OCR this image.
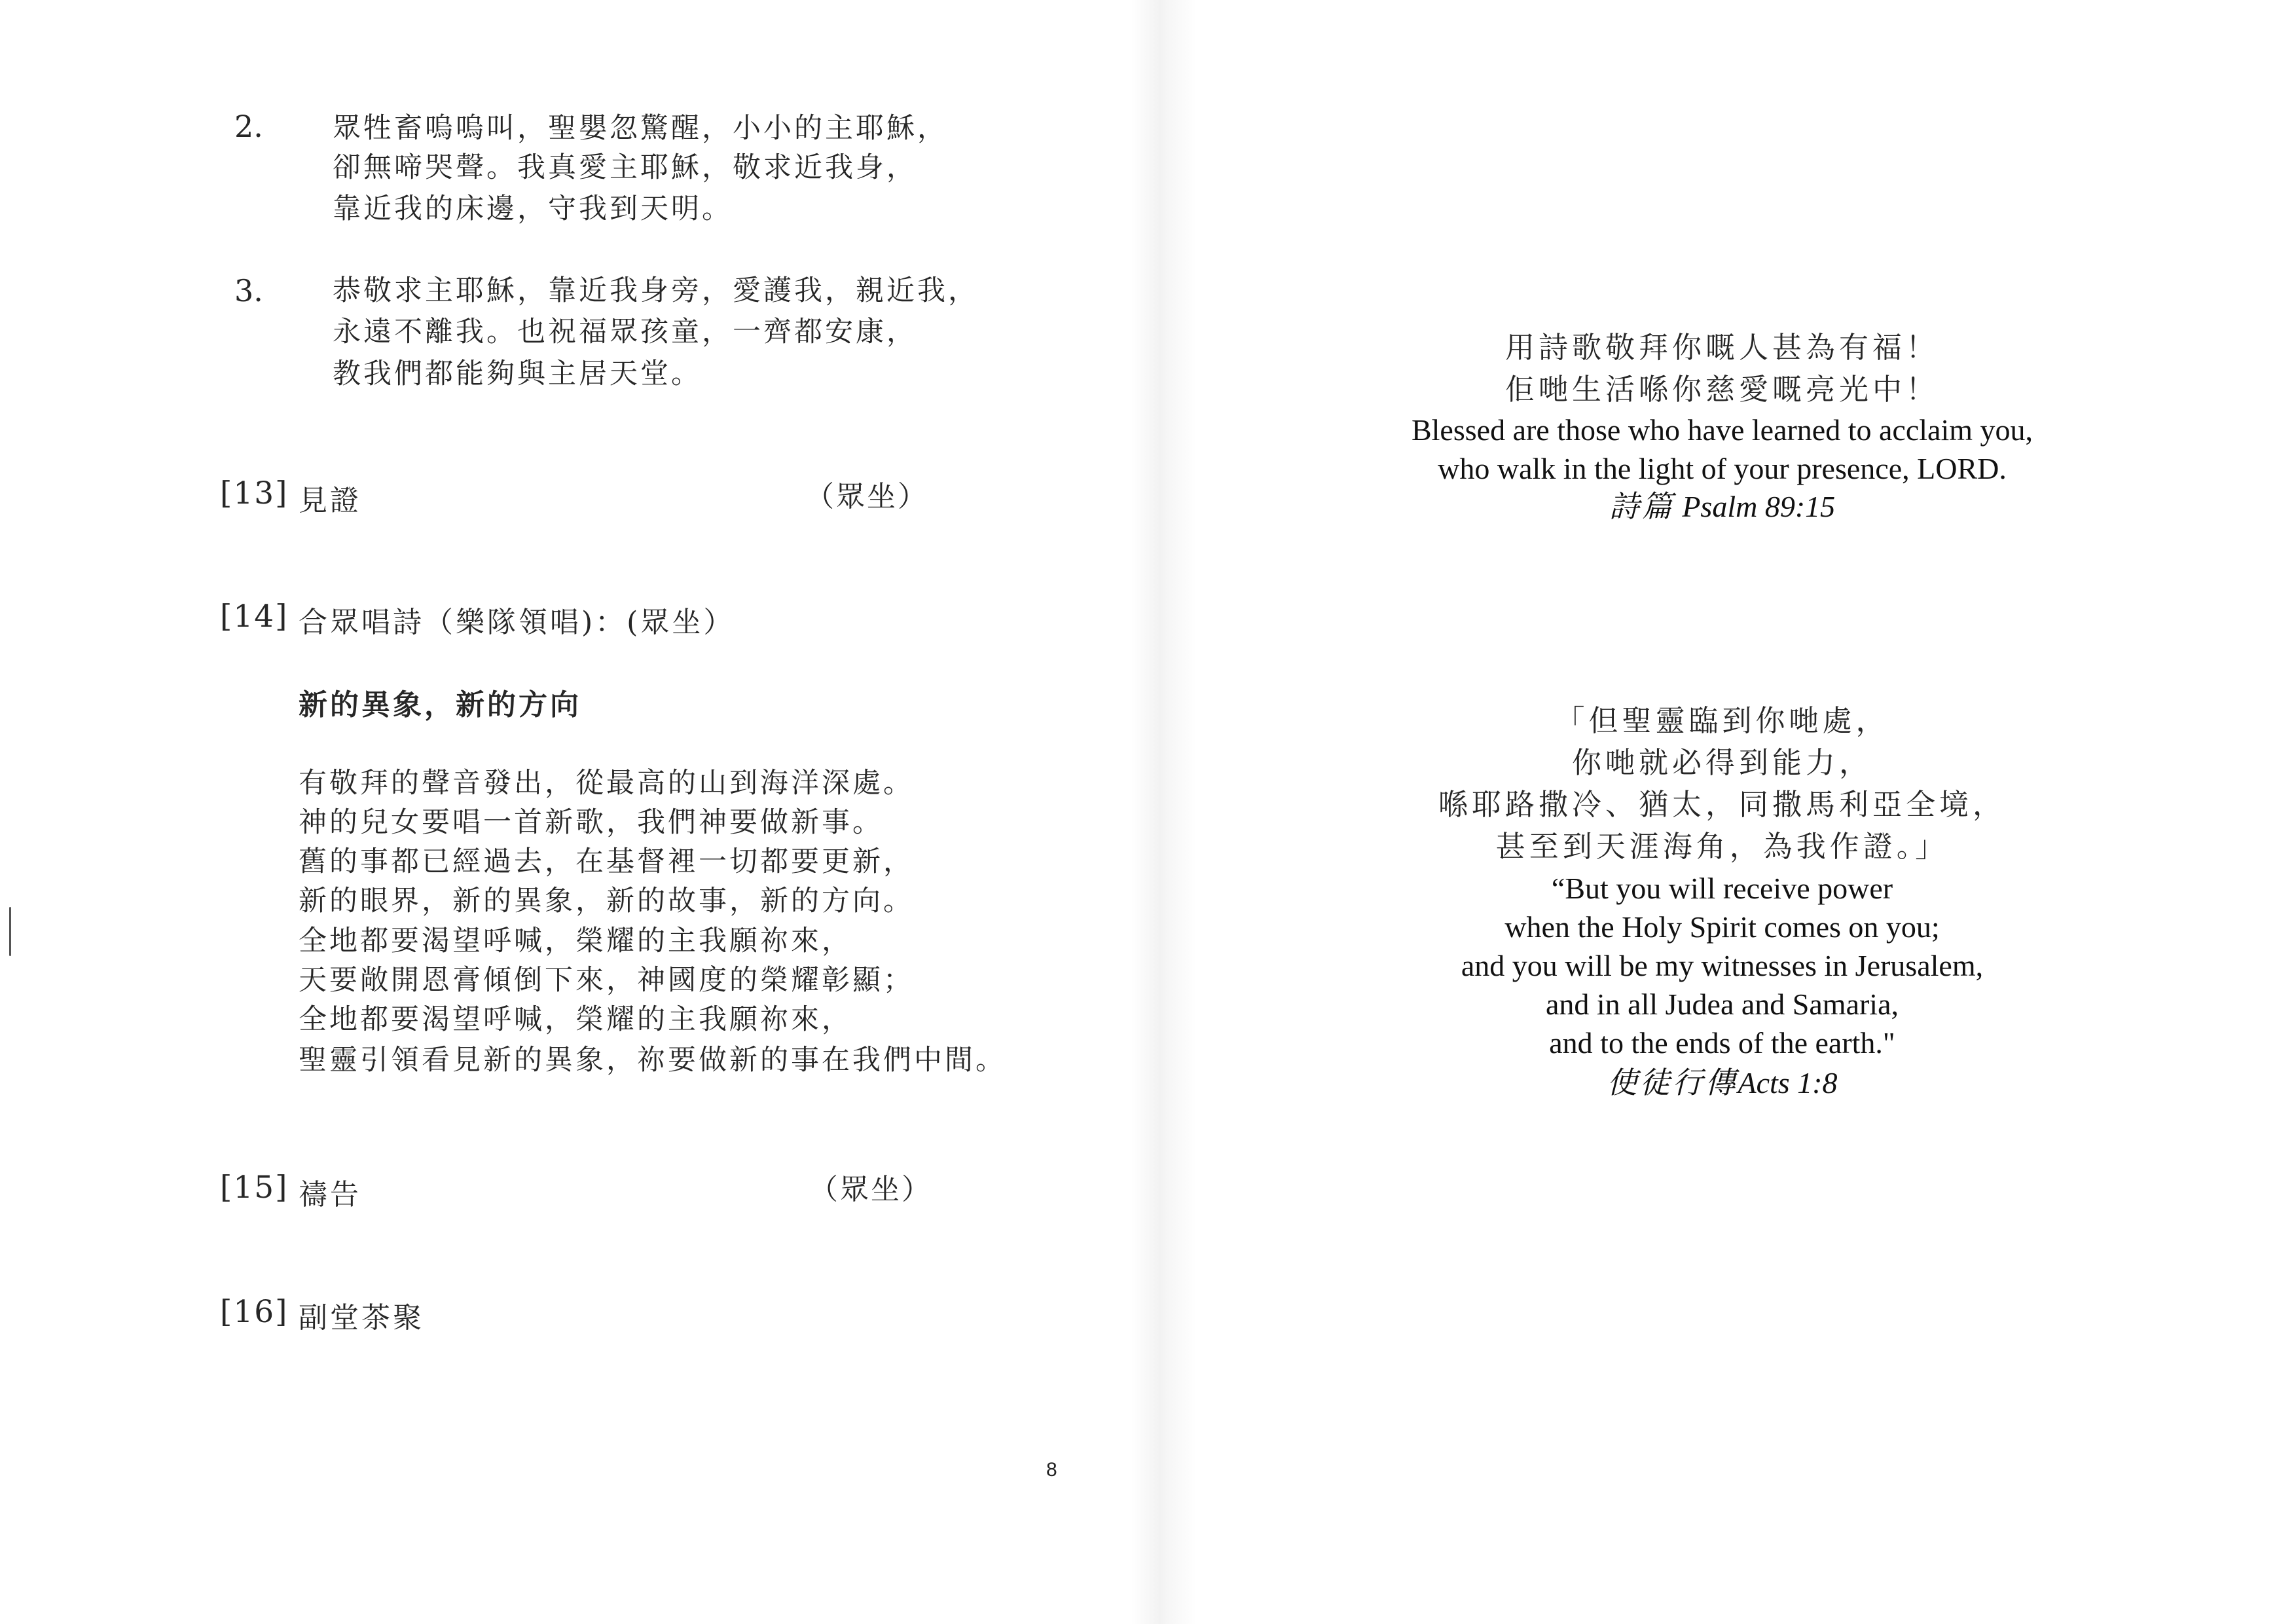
2. 眾牲畜嗚嗚叫，聖嬰忽驚醒，小小的主耶穌，
卻無啼哭聲。我真愛主耶穌，敬求近我身，
靠近我的床邊，守我到天明。
3. 恭敬求主耶穌，靠近我身旁，愛護我，親近我，
永遠不離我。也祝福眾孩童，一齊都安康，
教我們都能夠與主居天堂。
[13] 見證	（眾坐）
[14] 合眾唱詩（樂隊領唱)：(眾坐）
新的異象，新的方向
有敬拜的聲音發出，從最高的山到海洋深處。
神的兒女要唱一首新歌，我們神要做新事。
舊的事都已經過去，在基督裡一切都要更新，
新的眼界，新的異象，新的故事，新的方向。
全地都要渴望呼喊，榮耀的主我願祢來，
天要敞開恩膏傾倒下來，神國度的榮耀彰顯；
全地都要渴望呼喊，榮耀的主我願祢來，
聖靈引領看見新的異象，祢要做新的事在我們中間。
[15] 禱告	（眾坐）
[16] 副堂茶聚
8
用詩歌敬拜你嘅人甚為有福！
佢哋生活喺你慈愛嘅亮光中！
Blessed are those who have learned to acclaim you,
who walk in the light of your presence, LORD.
詩篇 Psalm 89:15
「但聖靈臨到你哋處，
你哋就必得到能力，
喺耶路撒冷、猶太，同撒馬利亞全境，
甚至到天涯海角，為我作證。」
“But you will receive power
when the Holy Spirit comes on you;
and you will be my witnesses in Jerusalem,
and in all Judea and Samaria,
and to the ends of the earth."
使徒行傳Acts 1:8
